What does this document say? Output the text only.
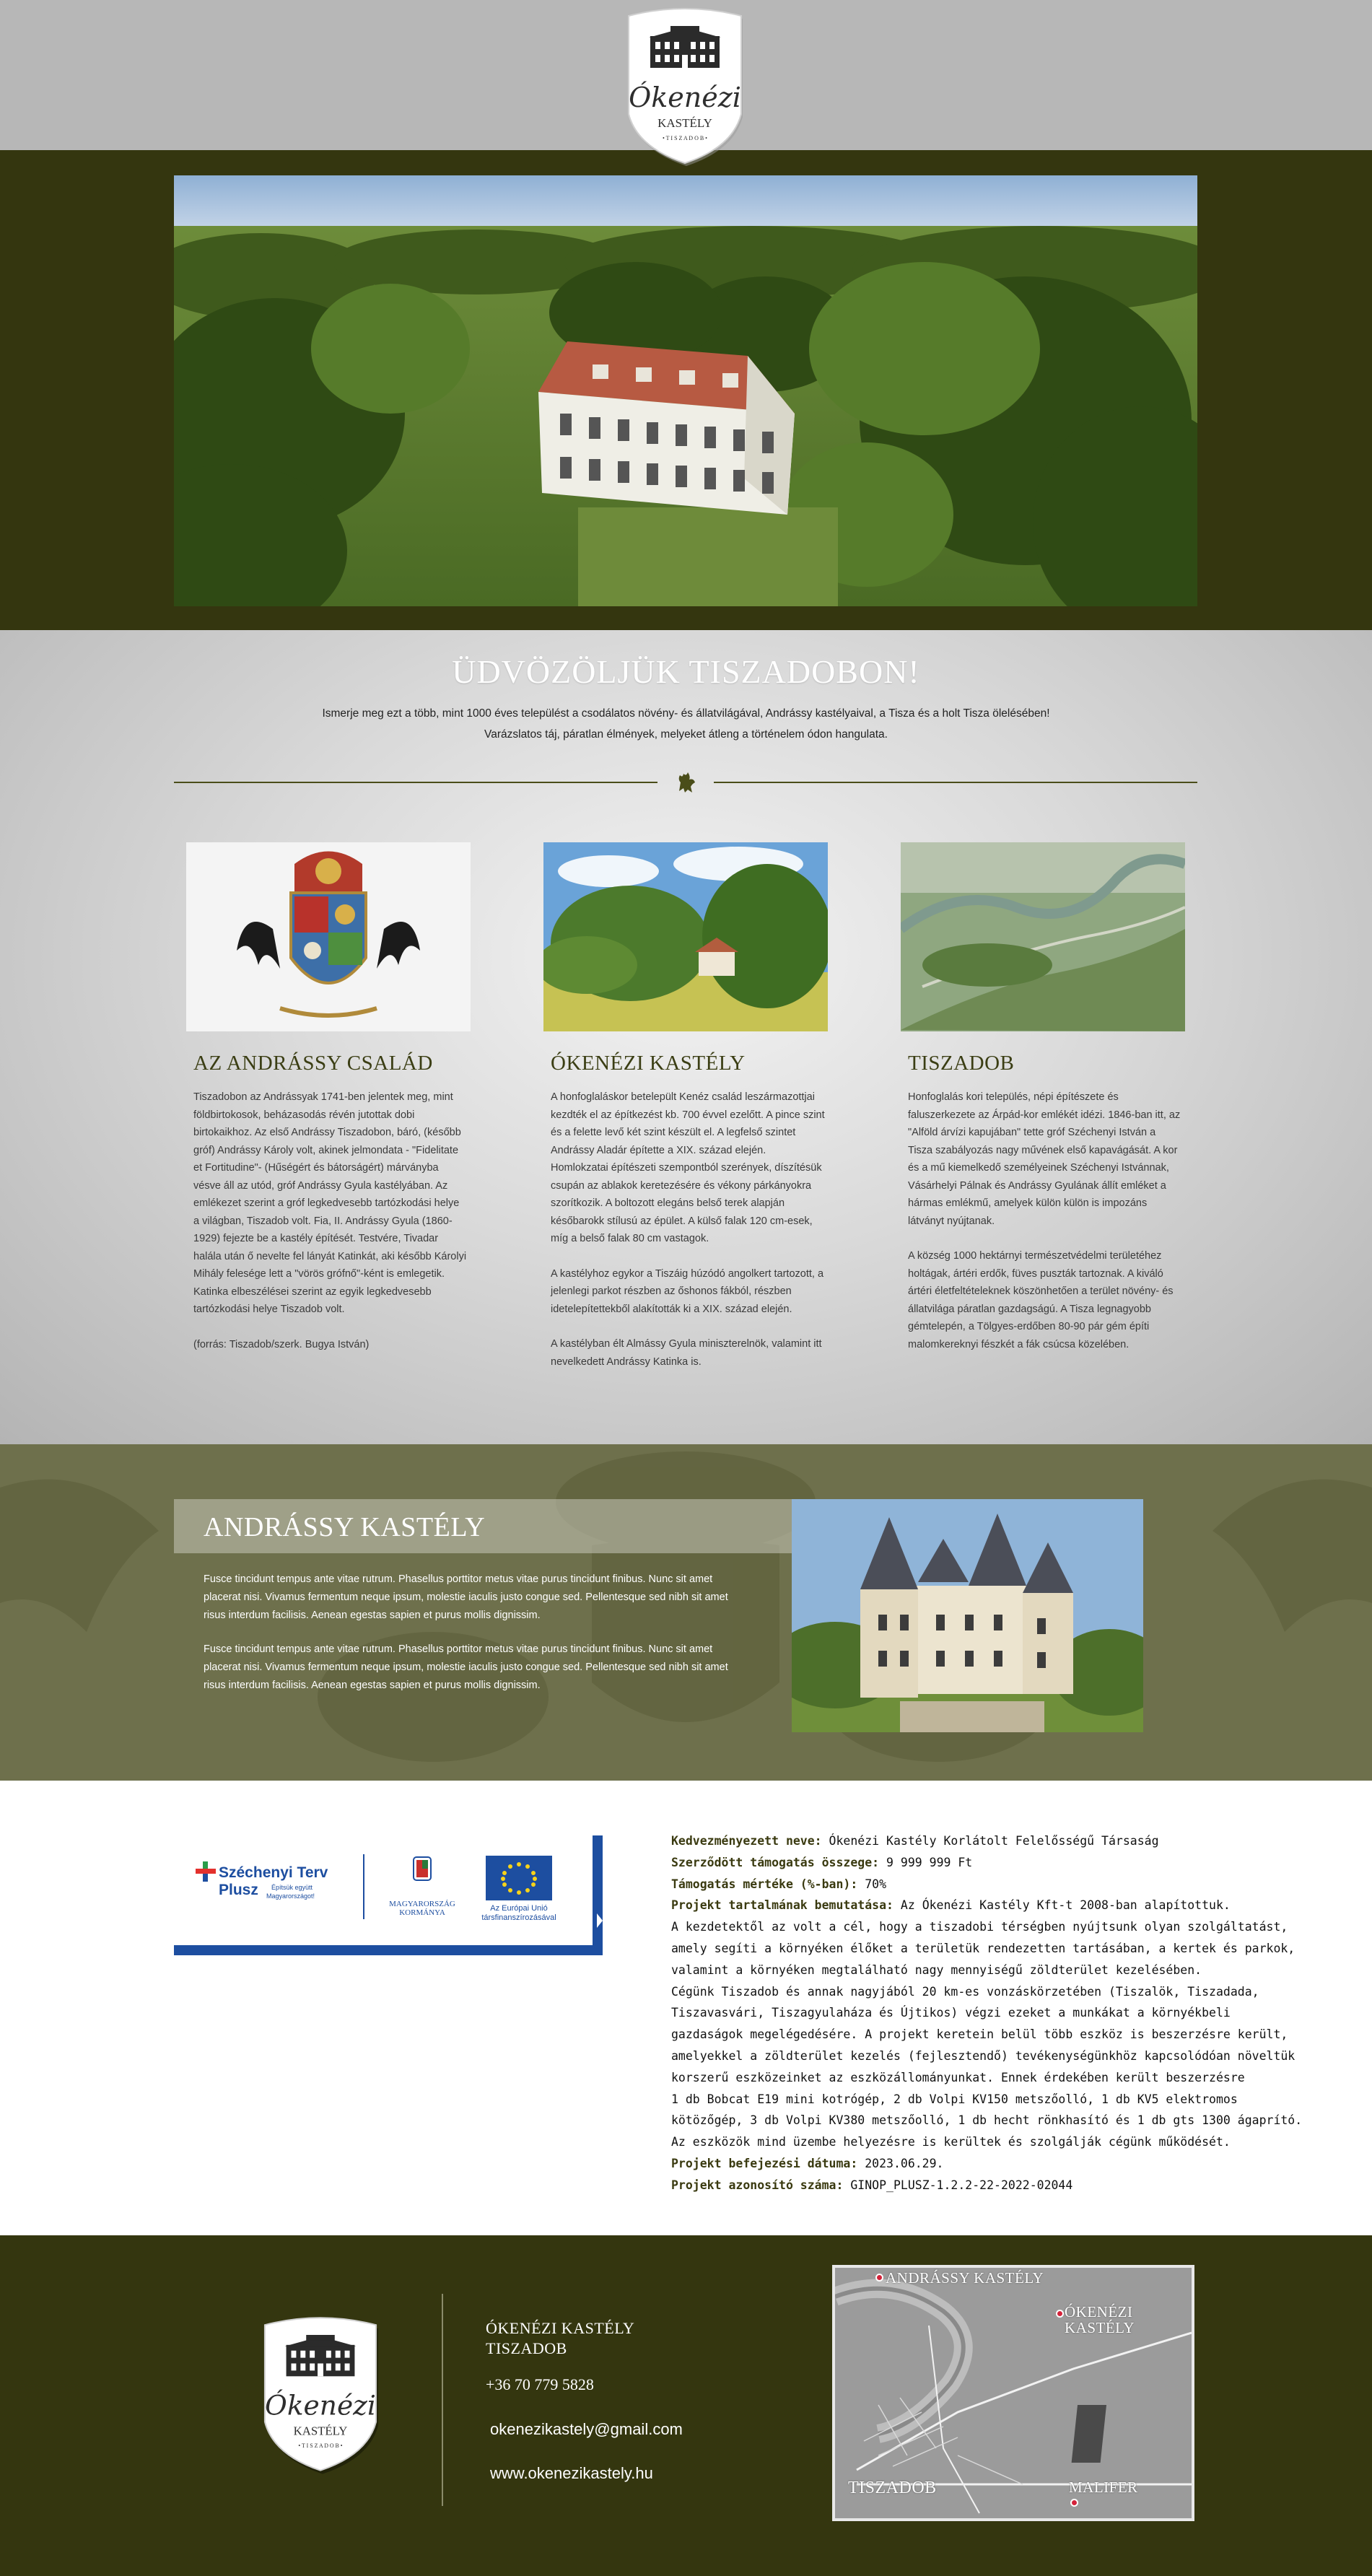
Ókenézi
KASTÉLY
• T I S Z A D O B •
ÜDVÖZÖLJÜK TISZADOBON!
Ismerje meg ezt a több, mint 1000 éves települést a csodálatos növény- és állatvilágával, Andrássy kastélyaival, a Tisza és a holt Tisza ölelésében!
Varázslatos táj, páratlan élmények, melyeket átleng a történelem ódon hangulata.
AZ ANDRÁSSY CSALÁD

Tiszadobon az Andrássyak 1741-ben jelentek meg, mint földbirtokosok, beházasodás révén jutottak dobi birtokaikhoz. Az első Andrássy Tiszadobon, báró, (később gróf) Andrássy Károly volt, akinek jelmondata - "Fidelitate et Fortitudine"- (Hűségért és bátorságért) márványba vésve áll az utód, gróf Andrássy Gyula kastélyában. Az emlékezet szerint a gróf legkedvesebb tartózkodási helye a világban, Tiszadob volt. Fia, II. Andrássy Gyula (1860-1929) fejezte be a kastély építését. Testvére, Tivadar halála után ő nevelte fel lányát Katinkát, aki később Károlyi Mihály felesége lett a "vörös grófnő"-ként is emlegetik. Katinka elbeszélései szerint az egyik legkedvesebb tartózkodási helye Tiszadob volt.

(forrás: Tiszadob/szerk. Bugya István)

ÓKENÉZI KASTÉLY

A honfoglaláskor betelepült Kenéz család leszármazottjai kezdték el az építkezést kb. 700 évvel ezelőtt. A pince szint és a felette levő két szint készült el. A legfelső szintet Andrássy Aladár építette a XIX. század elején. Homlokzatai építészeti szempontból szerények, díszítésük csupán az ablakok keretezésére és vékony párkányokra szorítkozik. A boltozott elegáns belső terek alapján későbarokk stílusú az épület. A külső falak 120 cm-esek, míg a belső falak 80 cm vastagok.

A kastélyhoz egykor a Tiszáig húzódó angolkert tartozott, a jelenlegi parkot részben az őshonos fákból, részben idetelepítettekből alakították ki a XIX. század elején.

A kastélyban élt Almássy Gyula miniszterelnök, valamint itt nevelkedett Andrássy Katinka is.

TISZADOB

Honfoglalás kori település, népi építészete és faluszerkezete az Árpád-kor emlékét idézi. 1846-ban itt, az "Alföld árvízi kapujában" tette gróf Széchenyi István a Tisza szabályozás nagy művének első kapavágását. A kor és a mű kiemelkedő személyeinek Széchenyi Istvánnak, Vásárhelyi Pálnak és Andrássy Gyulának állít emléket a hármas emlékmű, amelyek külön külön is impozáns látványt nyújtanak.

A község 1000 hektárnyi természetvédelmi területéhez holtágak, ártéri erdők, füves puszták tartoznak. A kiváló ártéri életfeltételeknek köszönhetően a terület növény- és állatvilága páratlan gazdagságú. A Tisza legnagyobb gémtelepén, a Tölgyes-erdőben 80-90 pár gém építi malomkereknyi fészkét a fák csúcsa közelében.

ANDRÁSSY KASTÉLY
Fusce tincidunt tempus ante vitae rutrum. Phasellus porttitor metus vitae purus tincidunt finibus. Nunc sit amet placerat nisi. Vivamus fermentum neque ipsum, molestie iaculis justo congue sed. Pellentesque sed nibh sit amet risus interdum facilisis. Aenean egestas sapien et purus mollis dignissim.
Fusce tincidunt tempus ante vitae rutrum. Phasellus porttitor metus vitae purus tincidunt finibus. Nunc sit amet placerat nisi. Vivamus fermentum neque ipsum, molestie iaculis justo congue sed. Pellentesque sed nibh sit amet risus interdum facilisis. Aenean egestas sapien et purus mollis dignissim.
Széchenyi Terv
Plusz Építsük együtt
Magyarországot!
MAGYARORSZÁG
KORMÁNYA	Az Európai Unió
társfinanszírozásával
Kedvezményezett neve: Ókenézi Kastély Korlátolt Felelősségű Társaság
Szerződött támogatás összege: 9 999 999 Ft
Támogatás mértéke (%-ban): 70%
Projekt tartalmának bemutatása: Az Ókenézi Kastély Kft-t 2008-ban alapítottuk.
A kezdetektől az volt a cél, hogy a tiszadobi térségben nyújtsunk olyan szolgáltatást,
amely segíti a környéken élőket a területük rendezetten tartásában, a kertek és parkok,
valamint a környéken megtalálható nagy mennyiségű zöldterület kezelésében.
Cégünk Tiszadob és annak nagyjából 20 km-es vonzáskörzetében (Tiszalök, Tiszadada,
Tiszavasvári, Tiszagyulaháza és Újtikos) végzi ezeket a munkákat a környékbeli
gazdaságok megelégedésére. A projekt keretein belül több eszköz is beszerzésre került,
amelyekkel a zöldterület kezelés (fejlesztendő) tevékenységünkhöz kapcsolódóan növeltük
korszerű eszközeinket az eszközállományunkat. Ennek érdekében került beszerzésre
1 db Bobcat E19 mini kotrógép, 2 db Volpi KV150 metszőolló, 1 db KV5 elektromos
kötözőgép, 3 db Volpi KV380 metszőolló, 1 db hecht rönkhasító és 1 db gts 1300 ágaprító.
Az eszközök mind üzembe helyezésre is kerültek és szolgálják cégünk működését.
Projekt befejezési dátuma: 2023.06.29.
Projekt azonosító száma: GINOP_PLUSZ-1.2.2-22-2022-02044
Ókenézi
KASTÉLY
• T I S Z A D O B •
ÓKENÉZI KASTÉLY
TISZADOB
+36 70 779 5828
okenezikastely@gmail.com
www.okenezikastely.hu
ANDRÁSSY KASTÉLY
ÓKENÉZI
KASTÉLY
TISZADOB	MALIFER
